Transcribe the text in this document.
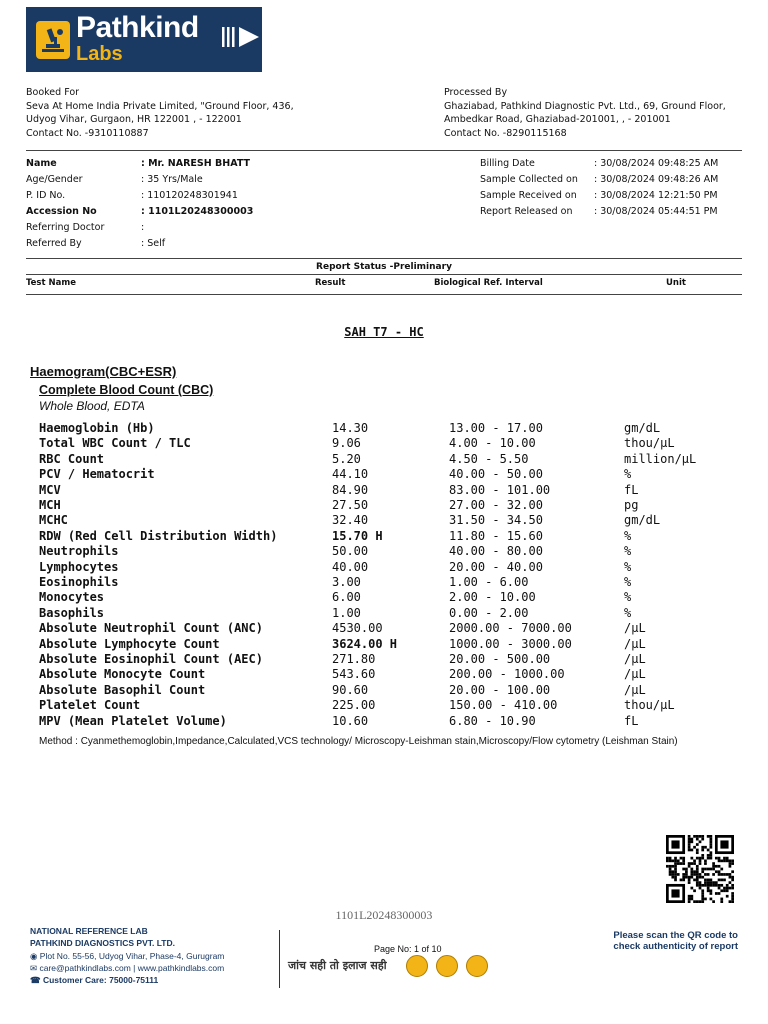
Pathkind
Labs
Booked For
Seva At Home India Private Limited, "Ground Floor, 436,
Udyog Vihar, Gurgaon, HR 122001 , - 122001
Contact No. -9310110887
Processed By
Ghaziabad, Pathkind Diagnostic Pvt. Ltd., 69, Ground Floor,
Ambedkar Road, Ghaziabad-201001, , - 201001
Contact No. -8290115168
Name	: Mr. NARESH BHATT
Age/Gender	: 35 Yrs/Male
P. ID No.	: 110120248301941
Accession No	: 1101L20248300003
Referring Doctor	:
Referred By	: Self
Billing Date	: 30/08/2024 09:48:25 AM
Sample Collected on : 30/08/2024 09:48:26 AM
Sample Received on : 30/08/2024 12:21:50 PM
Report Released on : 30/08/2024 05:44:51 PM
Report Status -Preliminary
Test Name	Result	Biological Ref. Interval	Unit
SAH T7 - HC
Haemogram(CBC+ESR)
Complete Blood Count (CBC)
Whole Blood, EDTA
Haemoglobin (Hb)	14.30	13.00 - 17.00	gm/dL
Total WBC Count / TLC	9.06	4.00 - 10.00	thou/µL
RBC Count	5.20	4.50 - 5.50	million/µL
PCV / Hematocrit	44.10	40.00 - 50.00	%
MCV	84.90	83.00 - 101.00	fL
MCH	27.50	27.00 - 32.00	pg
MCHC	32.40	31.50 - 34.50	gm/dL
RDW (Red Cell Distribution Width)	15.70 H	11.80 - 15.60	%
Neutrophils	50.00	40.00 - 80.00	%
Lymphocytes	40.00	20.00 - 40.00	%
Eosinophils	3.00	1.00 - 6.00	%
Monocytes	6.00	2.00 - 10.00	%
Basophils	1.00	0.00 - 2.00	%
Absolute Neutrophil Count (ANC)	4530.00	2000.00 - 7000.00	/µL
Absolute Lymphocyte Count	3624.00 H	1000.00 - 3000.00	/µL
Absolute Eosinophil Count (AEC)	271.80	20.00 - 500.00	/µL
Absolute Monocyte Count	543.60	200.00 - 1000.00	/µL
Absolute Basophil Count	90.60	20.00 - 100.00	/µL
Platelet Count	225.00	150.00 - 410.00	thou/µL
MPV (Mean Platelet Volume)	10.60	6.80 - 10.90	fL
Method : Cyanmethemoglobin,Impedance,Calculated,VCS technology/ Microscopy-Leishman stain,Microscopy/Flow cytometry (Leishman Stain)
1101L20248300003
NATIONAL REFERENCE LAB
PATHKIND DIAGNOSTICS PVT. LTD.
◉ Plot No. 55-56, Udyog Vihar, Phase-4, Gurugram
✉ care@pathkindlabs.com | www.pathkindlabs.com
☎ Customer Care: 75000-75111
Page No: 1 of 10
जांच सही तो इलाज सही
Please scan the QR code to check authenticity of report
